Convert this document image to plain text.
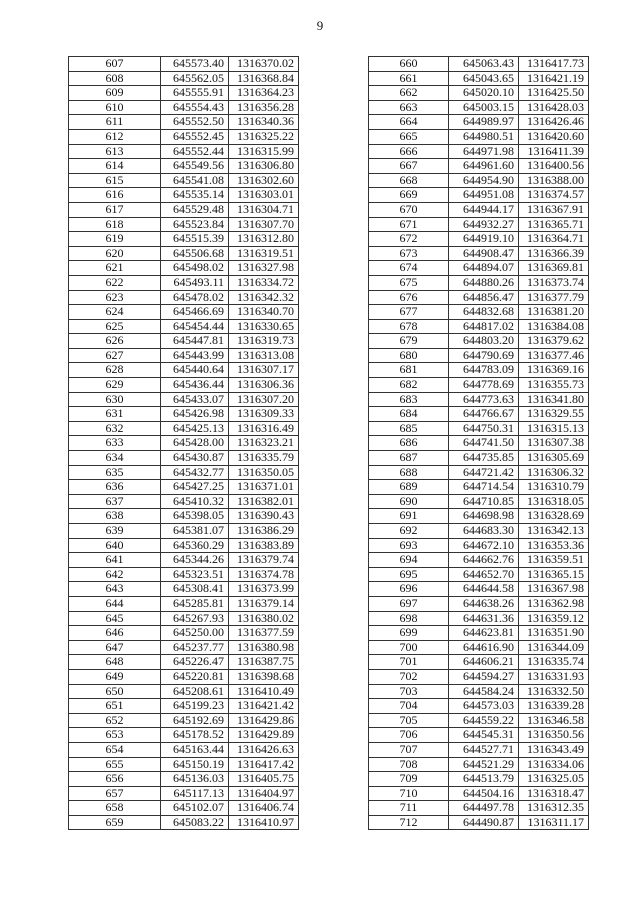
9
607	645573.40	1316370.02
608	645562.05	1316368.84
609	645555.91	1316364.23
610	645554.43	1316356.28
611	645552.50	1316340.36
612	645552.45	1316325.22
613	645552.44	1316315.99
614	645549.56	1316306.80
615	645541.08	1316302.60
616	645535.14	1316303.01
617	645529.48	1316304.71
618	645523.84	1316307.70
619	645515.39	1316312.80
620	645506.68	1316319.51
621	645498.02	1316327.98
622	645493.11	1316334.72
623	645478.02	1316342.32
624	645466.69	1316340.70
625	645454.44	1316330.65
626	645447.81	1316319.73
627	645443.99	1316313.08
628	645440.64	1316307.17
629	645436.44	1316306.36
630	645433.07	1316307.20
631	645426.98	1316309.33
632	645425.13	1316316.49
633	645428.00	1316323.21
634	645430.87	1316335.79
635	645432.77	1316350.05
636	645427.25	1316371.01
637	645410.32	1316382.01
638	645398.05	1316390.43
639	645381.07	1316386.29
640	645360.29	1316383.89
641	645344.26	1316379.74
642	645323.51	1316374.78
643	645308.41	1316373.99
644	645285.81	1316379.14
645	645267.93	1316380.02
646	645250.00	1316377.59
647	645237.77	1316380.98
648	645226.47	1316387.75
649	645220.81	1316398.68
650	645208.61	1316410.49
651	645199.23	1316421.42
652	645192.69	1316429.86
653	645178.52	1316429.89
654	645163.44	1316426.63
655	645150.19	1316417.42
656	645136.03	1316405.75
657	645117.13	1316404.97
658	645102.07	1316406.74
659	645083.22	1316410.97
660	645063.43	1316417.73
661	645043.65	1316421.19
662	645020.10	1316425.50
663	645003.15	1316428.03
664	644989.97	1316426.46
665	644980.51	1316420.60
666	644971.98	1316411.39
667	644961.60	1316400.56
668	644954.90	1316388.00
669	644951.08	1316374.57
670	644944.17	1316367.91
671	644932.27	1316365.71
672	644919.10	1316364.71
673	644908.47	1316366.39
674	644894.07	1316369.81
675	644880.26	1316373.74
676	644856.47	1316377.79
677	644832.68	1316381.20
678	644817.02	1316384.08
679	644803.20	1316379.62
680	644790.69	1316377.46
681	644783.09	1316369.16
682	644778.69	1316355.73
683	644773.63	1316341.80
684	644766.67	1316329.55
685	644750.31	1316315.13
686	644741.50	1316307.38
687	644735.85	1316305.69
688	644721.42	1316306.32
689	644714.54	1316310.79
690	644710.85	1316318.05
691	644698.98	1316328.69
692	644683.30	1316342.13
693	644672.10	1316353.36
694	644662.76	1316359.51
695	644652.70	1316365.15
696	644644.58	1316367.98
697	644638.26	1316362.98
698	644631.36	1316359.12
699	644623.81	1316351.90
700	644616.90	1316344.09
701	644606.21	1316335.74
702	644594.27	1316331.93
703	644584.24	1316332.50
704	644573.03	1316339.28
705	644559.22	1316346.58
706	644545.31	1316350.56
707	644527.71	1316343.49
708	644521.29	1316334.06
709	644513.79	1316325.05
710	644504.16	1316318.47
711	644497.78	1316312.35
712	644490.87	1316311.17
